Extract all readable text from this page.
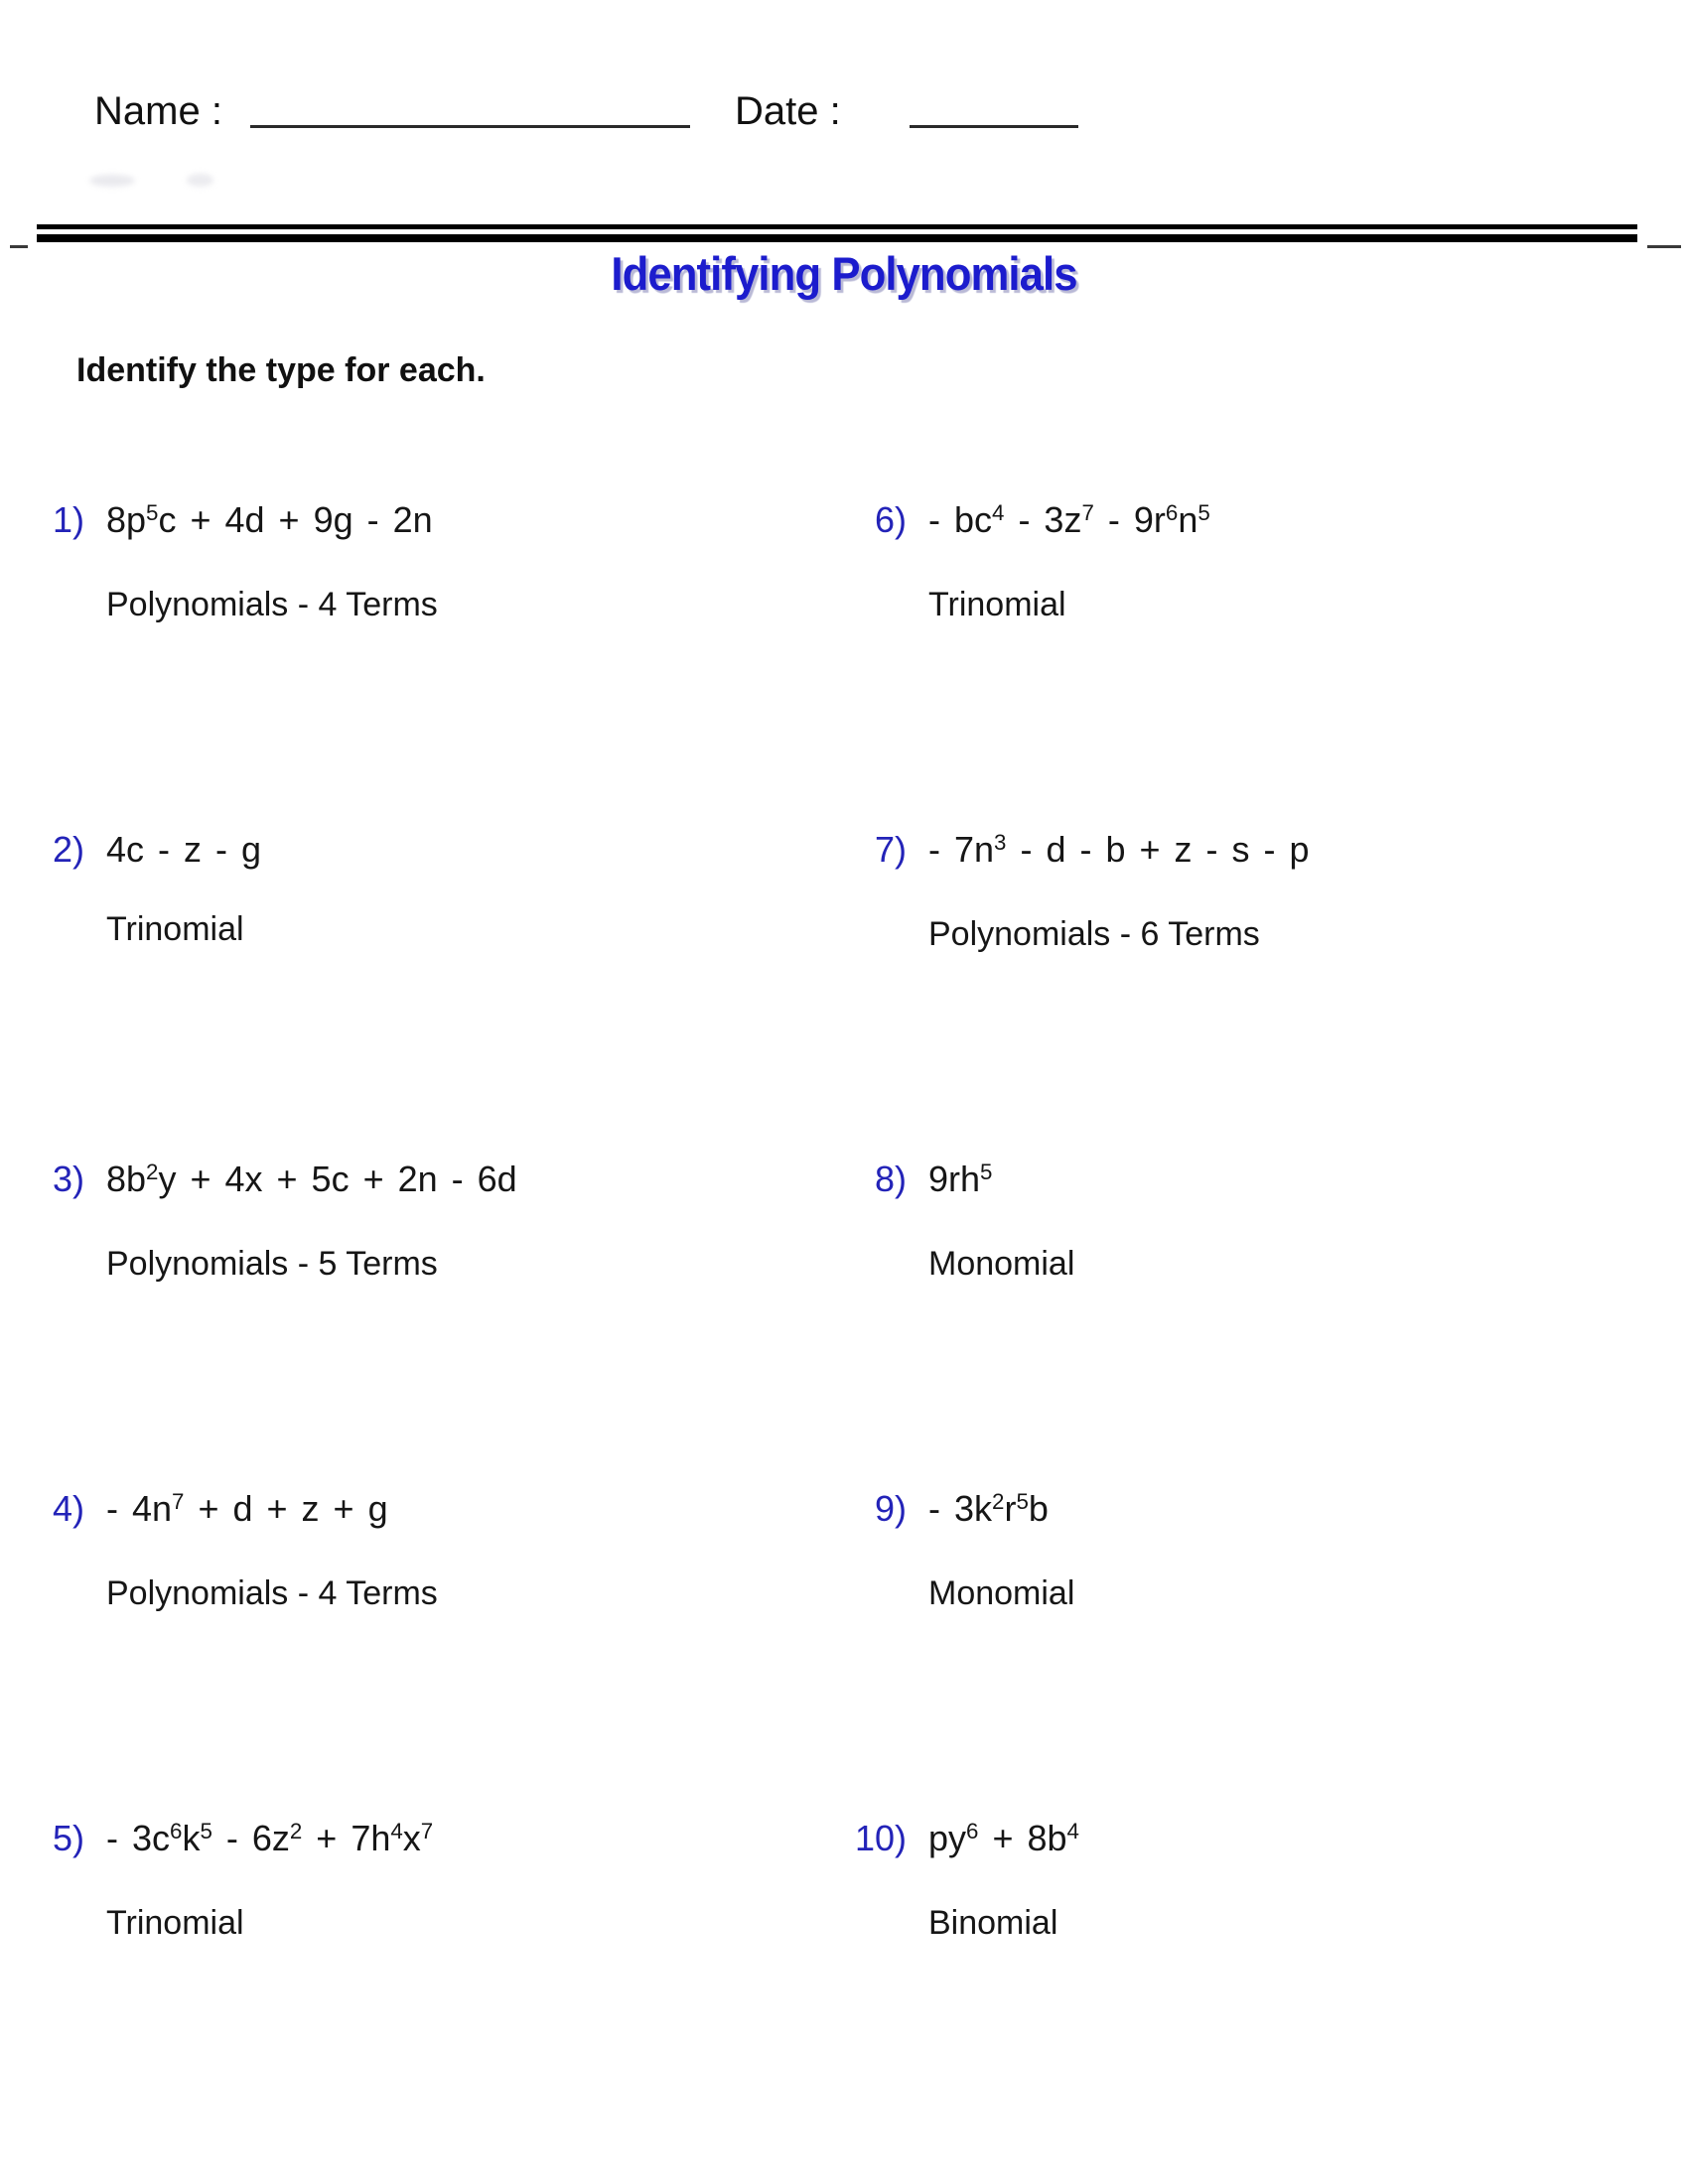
Name :	Date :
Identifying Polynomials
Identify the type for each.
1) $8p^5c + 4d + 9g - 2n$
Polynomials - 4 Terms
2) 4c - z - g
Trinomial
3) $8b^2y + 4x + 5c + 2n - 6d$
Polynomials - 5 Terms
$4) - 4n^7 + d + z + g$
Polynomials - 4 Terms
$5) - 3c^6k^5 - 6z^2 + 7h^4x^7$
Trinomial
$6) - bc^4 - 3z^7 - 9r^6n^5$
Trinomial
$7) - 7n^3 - d - b + z - s - p$
Polynomials - 6 Terms
8) $9rh^5$
Monomial
$9) - 3k^2r^5b$
Monomial
10) $py^6 + 8b^4$
Binomial
